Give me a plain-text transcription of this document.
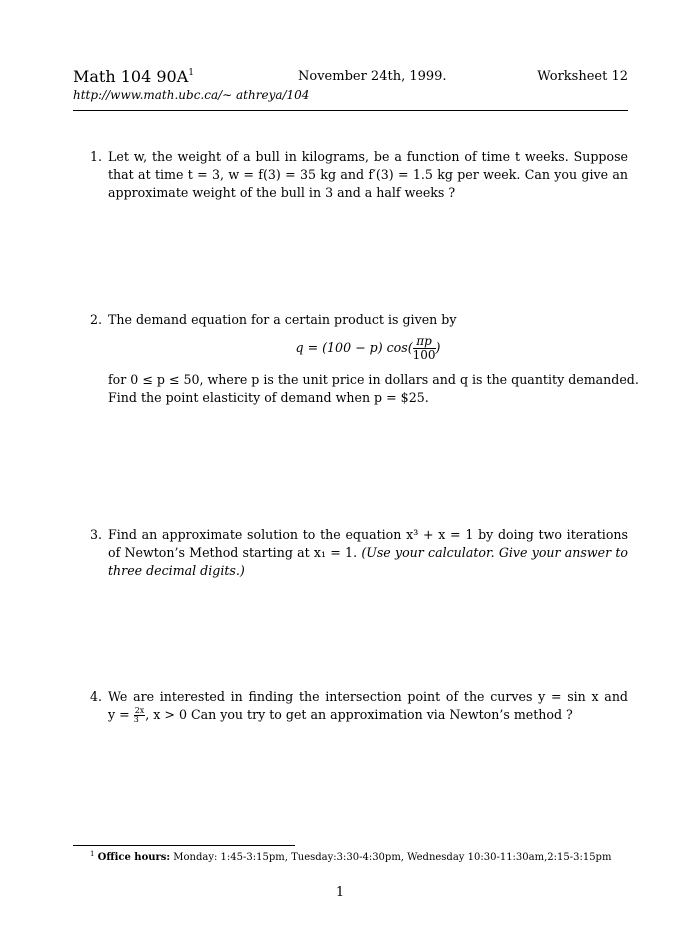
Math 104 $90A^1$	November 24th, 1999.	Worksheet 12
http://www.math.ubc.ca/∼ athreya/104
1. Let w, the weight of a bull in kilograms, be a function of time t weeks. Suppose
that at time t = 3, w = f(3) = 35 kg and f′(3) = 1.5 kg per week. Can you give an
approximate weight of the bull in 3 and a half weeks ?
2. The demand equation for a certain product is given by
q = (100 − p) $\cos( \frac{\pi p}{100}$ )
for 0 ≤ p ≤ 50, where p is the unit price in dollars and q is the quantity demanded.
Find the point elasticity of demand when p = $25.
3. Find an approximate solution to the equation x³ + x = 1 by doing two iterations
of Newton’s Method starting at x₁ = 1. (Use your calculator. Give your answer to
three decimal digits.)
4. We are interested in finding the intersection point of the curves y = sin x and
$y = \frac{2x}{3}$ , x > 0 Can you try to get an approximation via Newton’s method ?
$^1$ Office hours: Monday: 1:45-3:15pm, Tuesday:3:30-4:30pm, Wednesday 10:30-11:30am,2:15-3:15pm
1
